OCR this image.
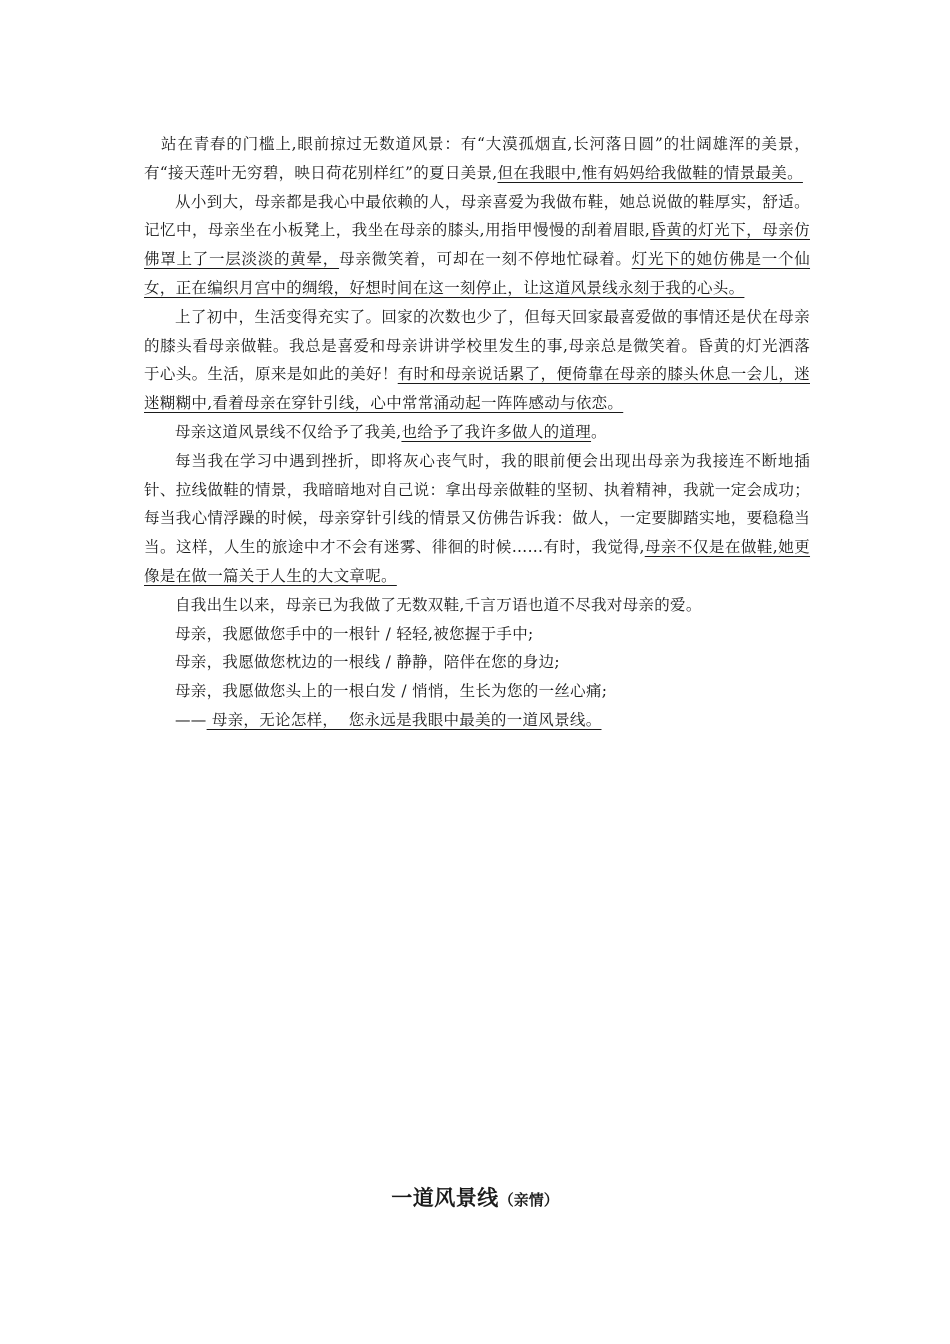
站在青春的门槛上,眼前掠过无数道风景：有“大漠孤烟直,长河落日圆”的壮阔雄浑的美景，有“接天莲叶无穷碧，映日荷花别样红”的夏日美景,但在我眼中,惟有妈妈给我做鞋的情景最美。

从小到大，母亲都是我心中最依赖的人，母亲喜爱为我做布鞋，她总说做的鞋厚实，舒适。记忆中，母亲坐在小板凳上，我坐在母亲的膝头,用指甲慢慢的刮着眉眼,昏黄的灯光下，母亲仿佛罩上了一层淡淡的黄晕，母亲微笑着，可却在一刻不停地忙碌着。灯光下的她仿佛是一个仙女，正在编织月宫中的绸缎，好想时间在这一刻停止，让这道风景线永刻于我的心头。

上了初中，生活变得充实了。回家的次数也少了，但每天回家最喜爱做的事情还是伏在母亲的膝头看母亲做鞋。我总是喜爱和母亲讲讲学校里发生的事,母亲总是微笑着。昏黄的灯光洒落于心头。生活，原来是如此的美好！有时和母亲说话累了，便倚靠在母亲的膝头休息一会儿，迷迷糊糊中,看着母亲在穿针引线，心中常常涌动起一阵阵感动与依恋。

母亲这道风景线不仅给予了我美,也给予了我许多做人的道理。

每当我在学习中遇到挫折，即将灰心丧气时，我的眼前便会出现出母亲为我接连不断地插针、拉线做鞋的情景，我暗暗地对自己说：拿出母亲做鞋的坚韧、执着精神，我就一定会成功；每当我心情浮躁的时候，母亲穿针引线的情景又仿佛告诉我：做人，一定要脚踏实地，要稳稳当当。这样，人生的旅途中才不会有迷雾、徘徊的时候……有时，我觉得,母亲不仅是在做鞋,她更像是在做一篇关于人生的大文章呢。

自我出生以来，母亲已为我做了无数双鞋,千言万语也道不尽我对母亲的爱。

母亲，我愿做您手中的一根针 / 轻轻,被您握于手中;

母亲，我愿做您枕边的一根线 / 静静，陪伴在您的身边;

母亲，我愿做您头上的一根白发 / 悄悄，生长为您的一丝心痛;

—— 母亲，无论怎样，  您永远是我眼中最美的一道风景线。

一道风景线（亲情）
